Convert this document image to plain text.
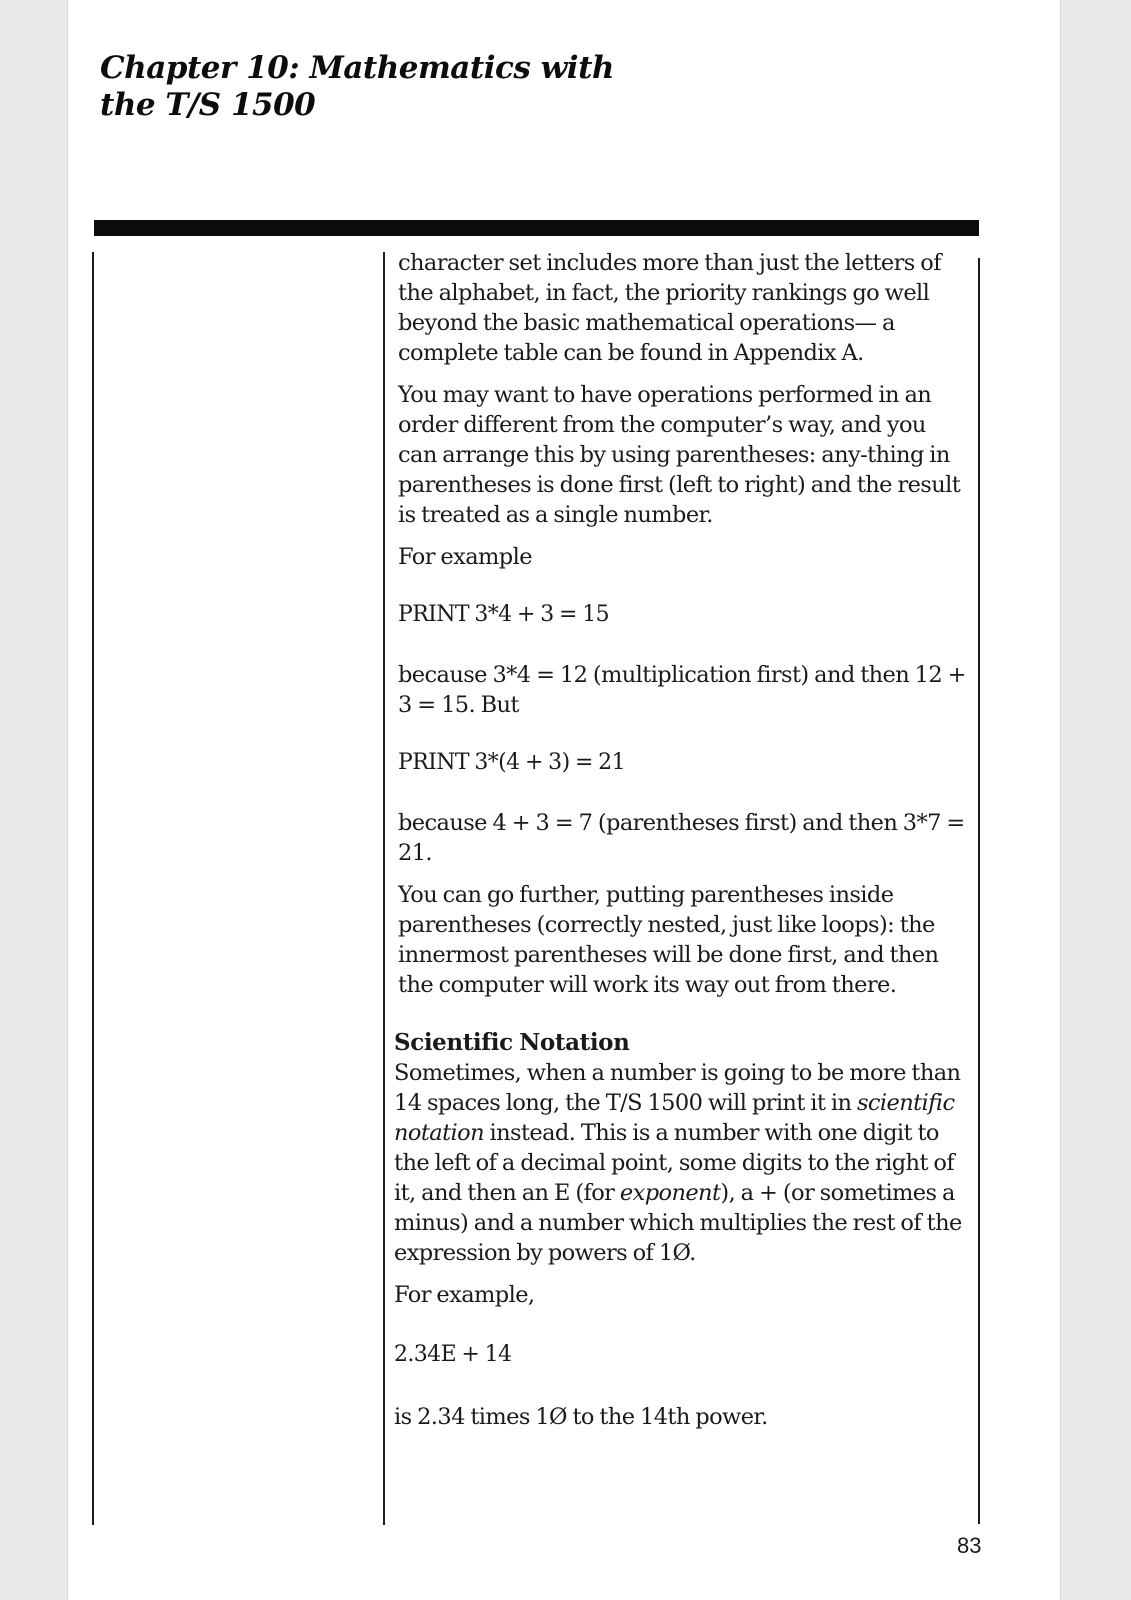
Chapter 10: Mathematics with
the T/S 1500

character set includes more than just the letters of the alphabet, in fact, the priority rankings go well beyond the basic mathematical operations— a complete table can be found in Appendix A.

You may want to have operations performed in an order different from the computer’s way, and you can arrange this by using parentheses: any-thing in parentheses is done first (left to right) and the result is treated as a single number.

For example

PRINT 3*4 + 3 = 15

because 3*4 = 12 (multiplication first) and then 12 + 3 = 15. But

PRINT 3*(4 + 3) = 21

because 4 + 3 = 7 (parentheses first) and then 3*7 = 21.

You can go further, putting parentheses inside parentheses (correctly nested, just like loops): the innermost parentheses will be done first, and then the computer will work its way out from there.

Scientific Notation

Sometimes, when a number is going to be more than 14 spaces long, the T/S 1500 will print it in scientific notation instead. This is a number with one digit to the left of a decimal point, some digits to the right of it, and then an E (for exponent), a + (or sometimes a minus) and a number which multiplies the rest of the expression by powers of 1Ø.

For example,

2.34E + 14

is 2.34 times 1Ø to the 14th power.

83
